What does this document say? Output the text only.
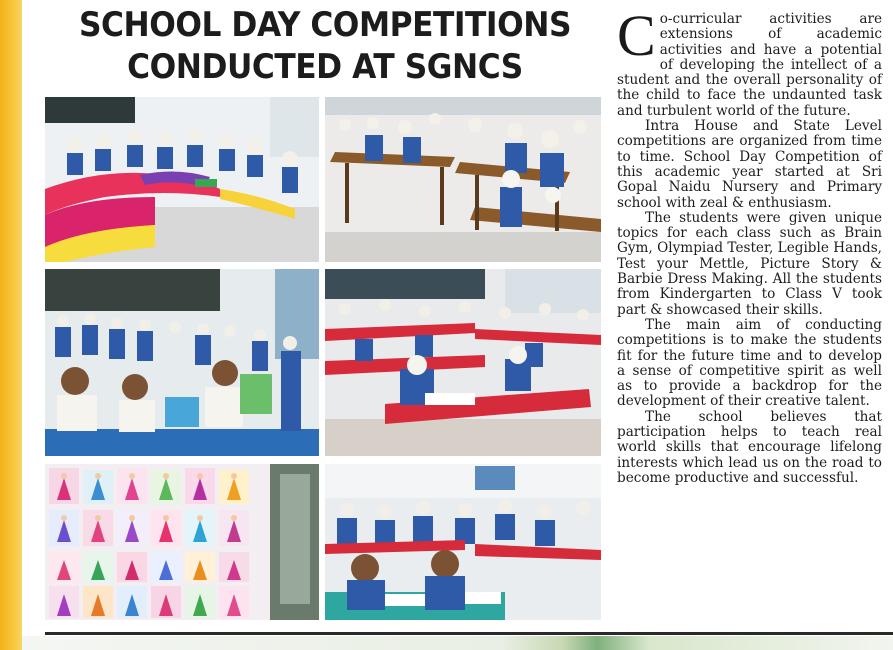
SCHOOL DAY COMPETITIONS
CONDUCTED AT SGNCS	Co-curricular activities are extensions of academic activities and have a potential of developing the intellect of a student and the overall personality of the child to face the undaunted task and turbulent world of the future.

Intra House and State Level competitions are organized from time to time. School Day Competition of this academic year started at Sri Gopal Naidu Nursery and Primary school with zeal & enthusiasm.

The students were given unique topics for each class such as Brain Gym, Olympiad Tester, Legible Hands, Test your Mettle, Picture Story & Barbie Dress Making. All the students from Kindergarten to Class V took part & showcased their skills.

The main aim of conducting competitions is to make the students fit for the future time and to develop a sense of competitive spirit as well as to provide a backdrop for the development of their creative talent.

The school believes that participation helps to teach real world skills that encourage lifelong interests which lead us on the road to become productive and successful.
